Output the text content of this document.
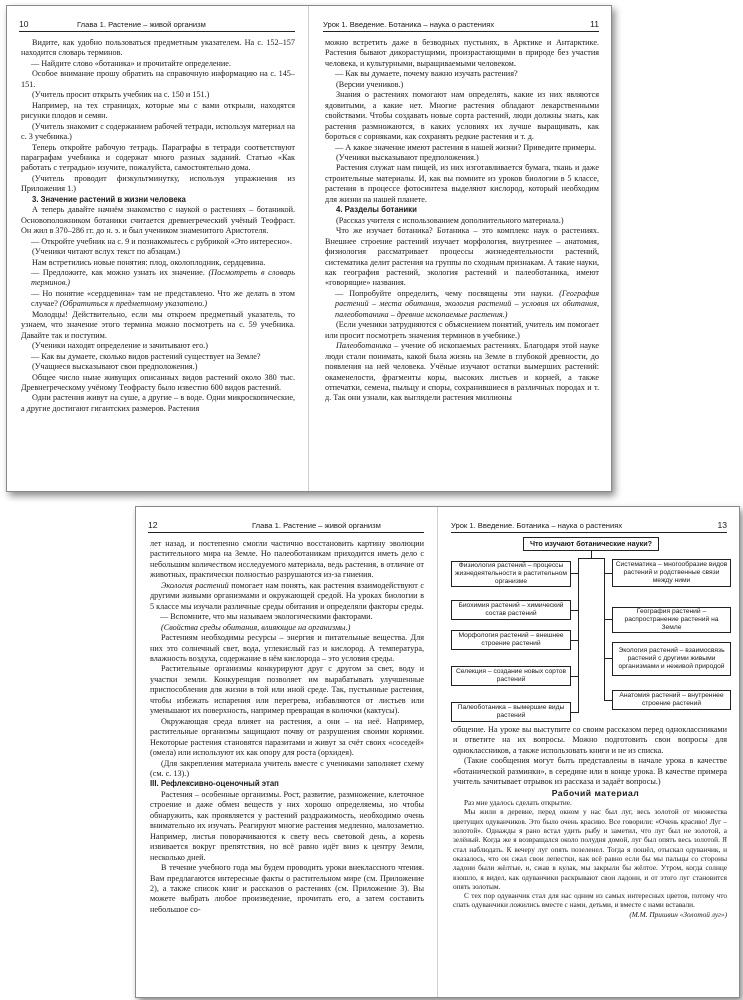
10	Глава 1. Растение – живой организм

Видите, как удобно пользоваться предметным указателем. На с. 152–157 находится словарь терминов.

— Найдите слово «ботаника» и прочитайте определение.

Особое внимание прошу обратить на справочную информацию на с. 145–151.

(Учитель просит открыть учебник на с. 150 и 151.)

Например, на тех страницах, которые мы с вами открыли, находятся рисунки плодов и семян.

(Учитель знакомит с содержанием рабочей тетради, используя материал на с. 3 учебника.)

Теперь откройте рабочую тетрадь. Параграфы в тетради соответствуют параграфам учебника и содержат много разных заданий. Статью «Как работать с тетрадью» изучите, пожалуйста, самостоятельно дома.

(Учитель проводит физкультминутку, используя упражнения из Приложения 1.)

3. Значение растений в жизни человека

А теперь давайте начнём знакомство с наукой о растениях – ботаникой. Основоположником ботаники считается древнегреческий учёный Теофраст. Он жил в 370–286 гг. до н. э. и был учеником знаменитого Аристотеля.

— Откройте учебник на с. 9 и познакомьтесь с рубрикой «Это интересно».

(Ученики читают вслух текст по абзацам.)

Нам встретились новые понятия: плод, околоплодник, сердцевина.

— Предложите, как можно узнать их значение. (Посмотреть в словарь терминов.)

— Но понятие «сердцевина» там не представлено. Что же делать в этом случае? (Обратиться к предметному указателю.)

Молодцы! Действительно, если мы откроем предметный указатель, то узнаем, что значение этого термина можно посмотреть на с. 59 учебника. Давайте так и поступим.

(Ученики находят определение и зачитывают его.)

— Как вы думаете, сколько видов растений существует на Земле?

(Учащиеся высказывают свои предположения.)

Общее число ныне живущих описанных видов растений около 380 тыс. Древнегреческому учёному Теофрасту было известно 600 видов растений.

Одни растения живут на суше, а другие – в воде. Одни микроскопические, а другие достигают гигантских размеров. Растения

Урок 1. Введение. Ботаника – наука о растениях	11

можно встретить даже в безводных пустынях, в Арктике и Антарктике. Растения бывают дикорастущими, произрастающими в природе без участия человека, и культурными, выращиваемыми человеком.

— Как вы думаете, почему важно изучать растения?

(Версии учеников.)

Знания о растениях помогают нам определять, какие из них являются ядовитыми, а какие нет. Многие растения обладают лекарственными свойствами. Чтобы создавать новые сорта растений, люди должны знать, как растения размножаются, в каких условиях их лучше выращивать, как бороться с сорняками, как сохранять редкие растения и т. д.

— А какое значение имеют растения в нашей жизни? Приведите примеры.

(Ученики высказывают предположения.)

Растения служат нам пищей, из них изготавливается бумага, ткань и даже строительные материалы. И, как вы помните из уроков биологии в 5 классе, растения в процессе фотосинтеза выделяют кислород, который необходим для жизни на нашей планете.

4. Разделы ботаники

(Рассказ учителя с использованием дополнительного материала.)

Что же изучает ботаника? Ботаника – это комплекс наук о растениях. Внешнее строение растений изучает морфология, внутреннее – анатомия, физиология рассматривает процессы жизнедеятельности растений, систематика делит растения на группы по сходным признакам. А такие науки, как география растений, экология растений и палеоботаника, имеют «говорящие» названия.

— Попробуйте определить, чему посвящены эти науки. (География растений – места обитания, экология растений – условия их обитания, палеоботаника – древние ископаемые растения.)

(Если ученики затрудняются с объяснением понятий, учитель им помогает или просит посмотреть значения терминов в учебнике.)

Палеоботаника – учение об ископаемых растениях. Благодаря этой науке люди стали понимать, какой была жизнь на Земле в глубокой древности, до появления на ней человека. Учёные изучают остатки вымерших растений: окаменелости, фрагменты коры, высоких листьев и корней, а также отпечатки, семена, пыльцу и споры, сохранившиеся в различных породах и т. д. Так они узнали, как выглядели растения миллионы

12	Глава 1. Растение – живой организм

лет назад, и постепенно смогли частично восстановить картину эволюции растительного мира на Земле. Но палеоботаникам приходится иметь дело с небольшим количеством исследуемого материала, ведь растения, в отличие от животных, практически полностью разрушаются из-за гниения.

Экология растений помогает нам понять, как растения взаимодействуют с другими живыми организмами и окружающей средой. На уроках биологии в 5 классе мы изучали различные среды обитания и определяли факторы среды.

— Вспомните, что мы называем экологическими факторами.

(Свойства среды обитания, влияющие на организмы.)

Растениям необходимы ресурсы – энергия и питательные вещества. Для них это солнечный свет, вода, углекислый газ и кислород. А температура, влажность воздуха, содержание в нём кислорода – это условия среды.

Растительные организмы конкурируют друг с другом за свет, воду и участки земли. Конкуренция позволяет им вырабатывать улучшенные приспособления для жизни в той или иной среде. Так, пустынные растения, чтобы избежать испарения или перегрева, избавляются от листьев или уменьшают их поверхность, например превращая в колючки (кактусы).

Окружающая среда влияет на растения, а они – на неё. Например, растительные организмы защищают почву от разрушения своими корнями. Некоторые растения становятся паразитами и живут за счёт своих «соседей» (омела) или используют их как опору для роста (орхидея).

(Для закрепления материала учитель вместе с учениками заполняет схему (см. с. 13).)

III. Рефлексивно-оценочный этап

Растения – особенные организмы. Рост, развитие, размножение, клеточное строение и даже обмен веществ у них хорошо определяемы, но чтобы обнаружить, как проявляется у растений раздражимость, необходимо очень внимательно их изучать. Реагируют многие растения медленно, малозаметно. Например, листья поворачиваются к свету весь световой день, а корень извивается вокруг препятствия, но всё равно идёт вниз к центру Земли, несколько дней.

В течение учебного года мы будем проводить уроки внеклассного чтения. Вам предлагаются интересные факты о растительном мире (см. Приложение 2), а также список книг и рассказов о растениях (см. Приложение 3). Вы можете выбрать любое произведение, прочитать его, а затем составить небольшое со-

Урок 1. Введение. Ботаника – наука о растениях	13
Что изучают ботанические науки?
Физиология растений – процессы жизнедеятельности в растительном организме
Биохимия растений – химический состав растений
Морфология растений – внешнее строение растений
Селекция – создание новых сортов растений
Палеоботаника – вымершие виды растений
Систематика – многообразие видов растений и родственные связи между ними
География растений – распространение растений на Земле
Экология растений – взаимосвязь растений с другими живыми организмами и неживой природой
Анатомия растений – внутреннее строение растений

общение. На уроке вы выступите со своим рассказом перед одноклассниками и ответите на их вопросы. Можно подготовить свои вопросы для одноклассников, а также использовать книги и не из списка.

(Такие сообщения могут быть представлены в начале урока в качестве «ботанической разминки», в середине или в конце урока. В качестве примера учитель зачитывает отрывок из рассказа и задаёт вопросы.)

Рабочий материал

Раз мне удалось сделать открытие.

Мы жили в деревне, перед окном у нас был луг, весь золотой от множества цветущих одуванчиков. Это было очень красиво. Все говорили: «Очень красиво! Луг – золотой». Однажды я рано встал удить рыбу и заметил, что луг был не золотой, а зелёный. Когда же я возвращался около полудня домой, луг был опять весь золотой. Я стал наблюдать. К вечеру луг опять позеленел. Тогда я пошёл, отыскал одуванчик, и оказалось, что он сжал свои лепестки, как всё равно если бы мы пальцы со стороны ладони были жёлтые, и, сжав в кулак, мы закрыли бы жёлтое. Утром, когда солнце взошло, я видел, как одуванчики раскрывают свои ладони, и от этого луг становится опять золотым.

С тех пор одуванчик стал для нас одним из самых интересных цветов, потому что спать одуванчики ложились вместе с нами, детьми, и вместе с нами вставали.

(М.М. Пришвин «Золотой луг»)
